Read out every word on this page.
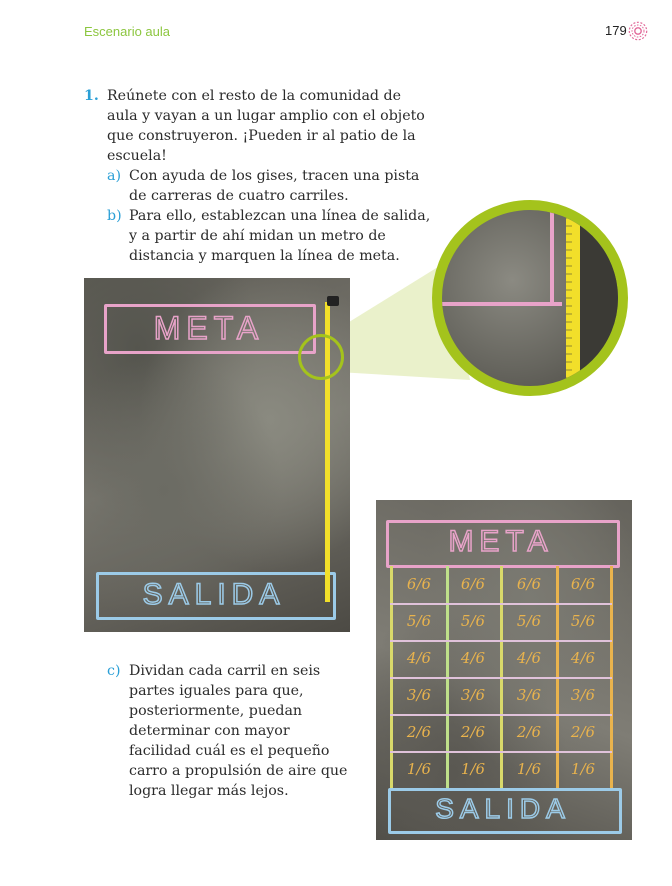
Escenario aula	179
1. Reúnete con el resto de la comunidad de
aula y vayan a un lugar amplio con el objeto
que construyeron. ¡Pueden ir al patio de la
escuela!
a) Con ayuda de los gises, tracen una pista
de carreras de cuatro carriles.
b) Para ello, establezcan una línea de salida,
y a partir de ahí midan un metro de
distancia y marquen la línea de meta.
META
SALIDA
META
6/6	6/6	6/6	6/6
5/6	5/6	5/6	5/6
4/6	4/6	4/6	4/6
3/6	3/6	3/6	3/6
2/6	2/6	2/6	2/6
1/6	1/6	1/6	1/6
SALIDA
c) Dividan cada carril en seis
partes iguales para que,
posteriormente, puedan
determinar con mayor
facilidad cuál es el pequeño
carro a propulsión de aire que
logra llegar más lejos.
